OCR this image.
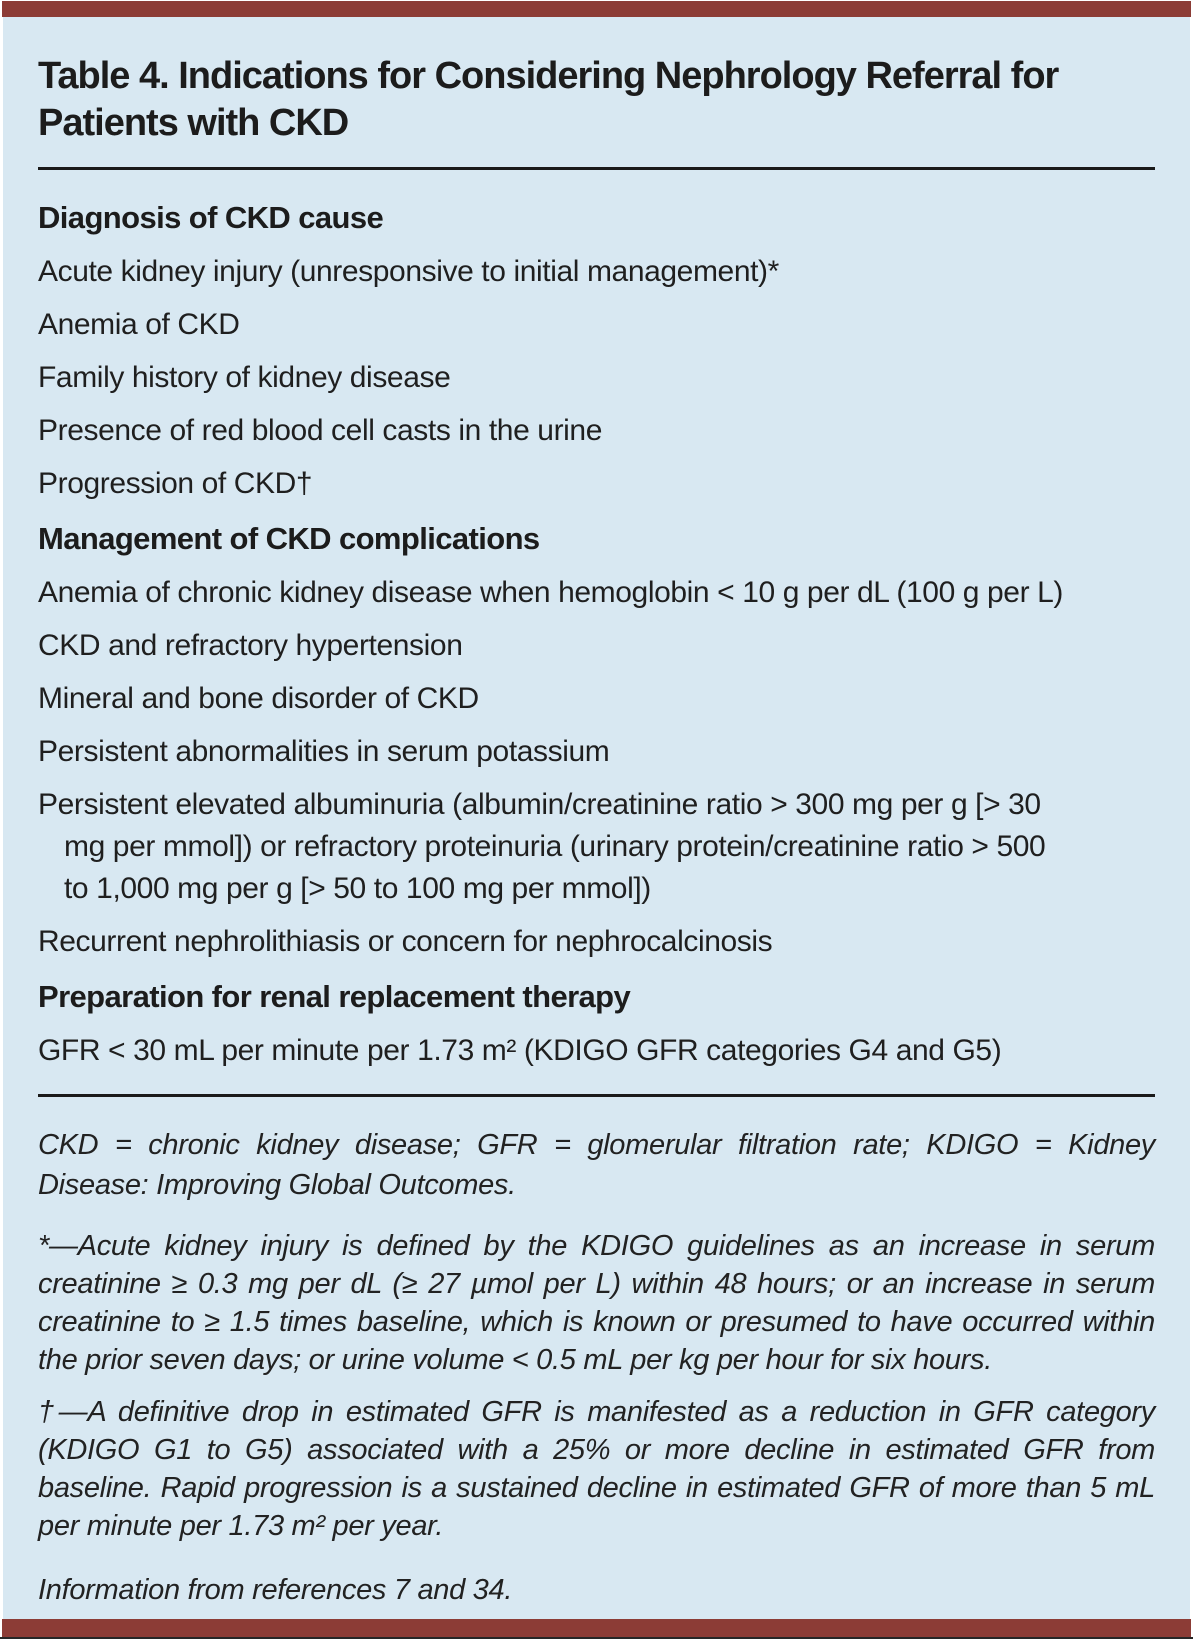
Table 4. Indications for Considering Nephrology Referral for Patients with CKD
Diagnosis of CKD cause

Acute kidney injury (unresponsive to initial management)*

Anemia of CKD

Family history of kidney disease

Presence of red blood cell casts in the urine

Progression of CKD†

Management of CKD complications

Anemia of chronic kidney disease when hemoglobin < 10 g per dL (100 g per L)

CKD and refractory hypertension

Mineral and bone disorder of CKD

Persistent abnormalities in serum potassium

Persistent elevated albuminuria (albumin/creatinine ratio > 300 mg per g [> 30 mg per mmol]) or refractory proteinuria (urinary protein/creatinine ratio > 500 to 1,000 mg per g [> 50 to 100 mg per mmol])

Recurrent nephrolithiasis or concern for nephrocalcinosis

Preparation for renal replacement therapy

GFR < 30 mL per minute per 1.73 m² (KDIGO GFR categories G4 and G5)

CKD = chronic kidney disease; GFR = glomerular filtration rate; KDIGO = Kidney Disease: Improving Global Outcomes.

*—Acute kidney injury is defined by the KDIGO guidelines as an increase in serum creatinine ≥ 0.3 mg per dL (≥ 27 µmol per L) within 48 hours; or an increase in serum creatinine to ≥ 1.5 times baseline, which is known or presumed to have occurred within the prior seven days; or urine volume < 0.5 mL per kg per hour for six hours.

†—A definitive drop in estimated GFR is manifested as a reduction in GFR category (KDIGO G1 to G5) associated with a 25% or more decline in estimated GFR from baseline. Rapid progression is a sustained decline in estimated GFR of more than 5 mL per minute per 1.73 m² per year.

Information from references 7 and 34.
